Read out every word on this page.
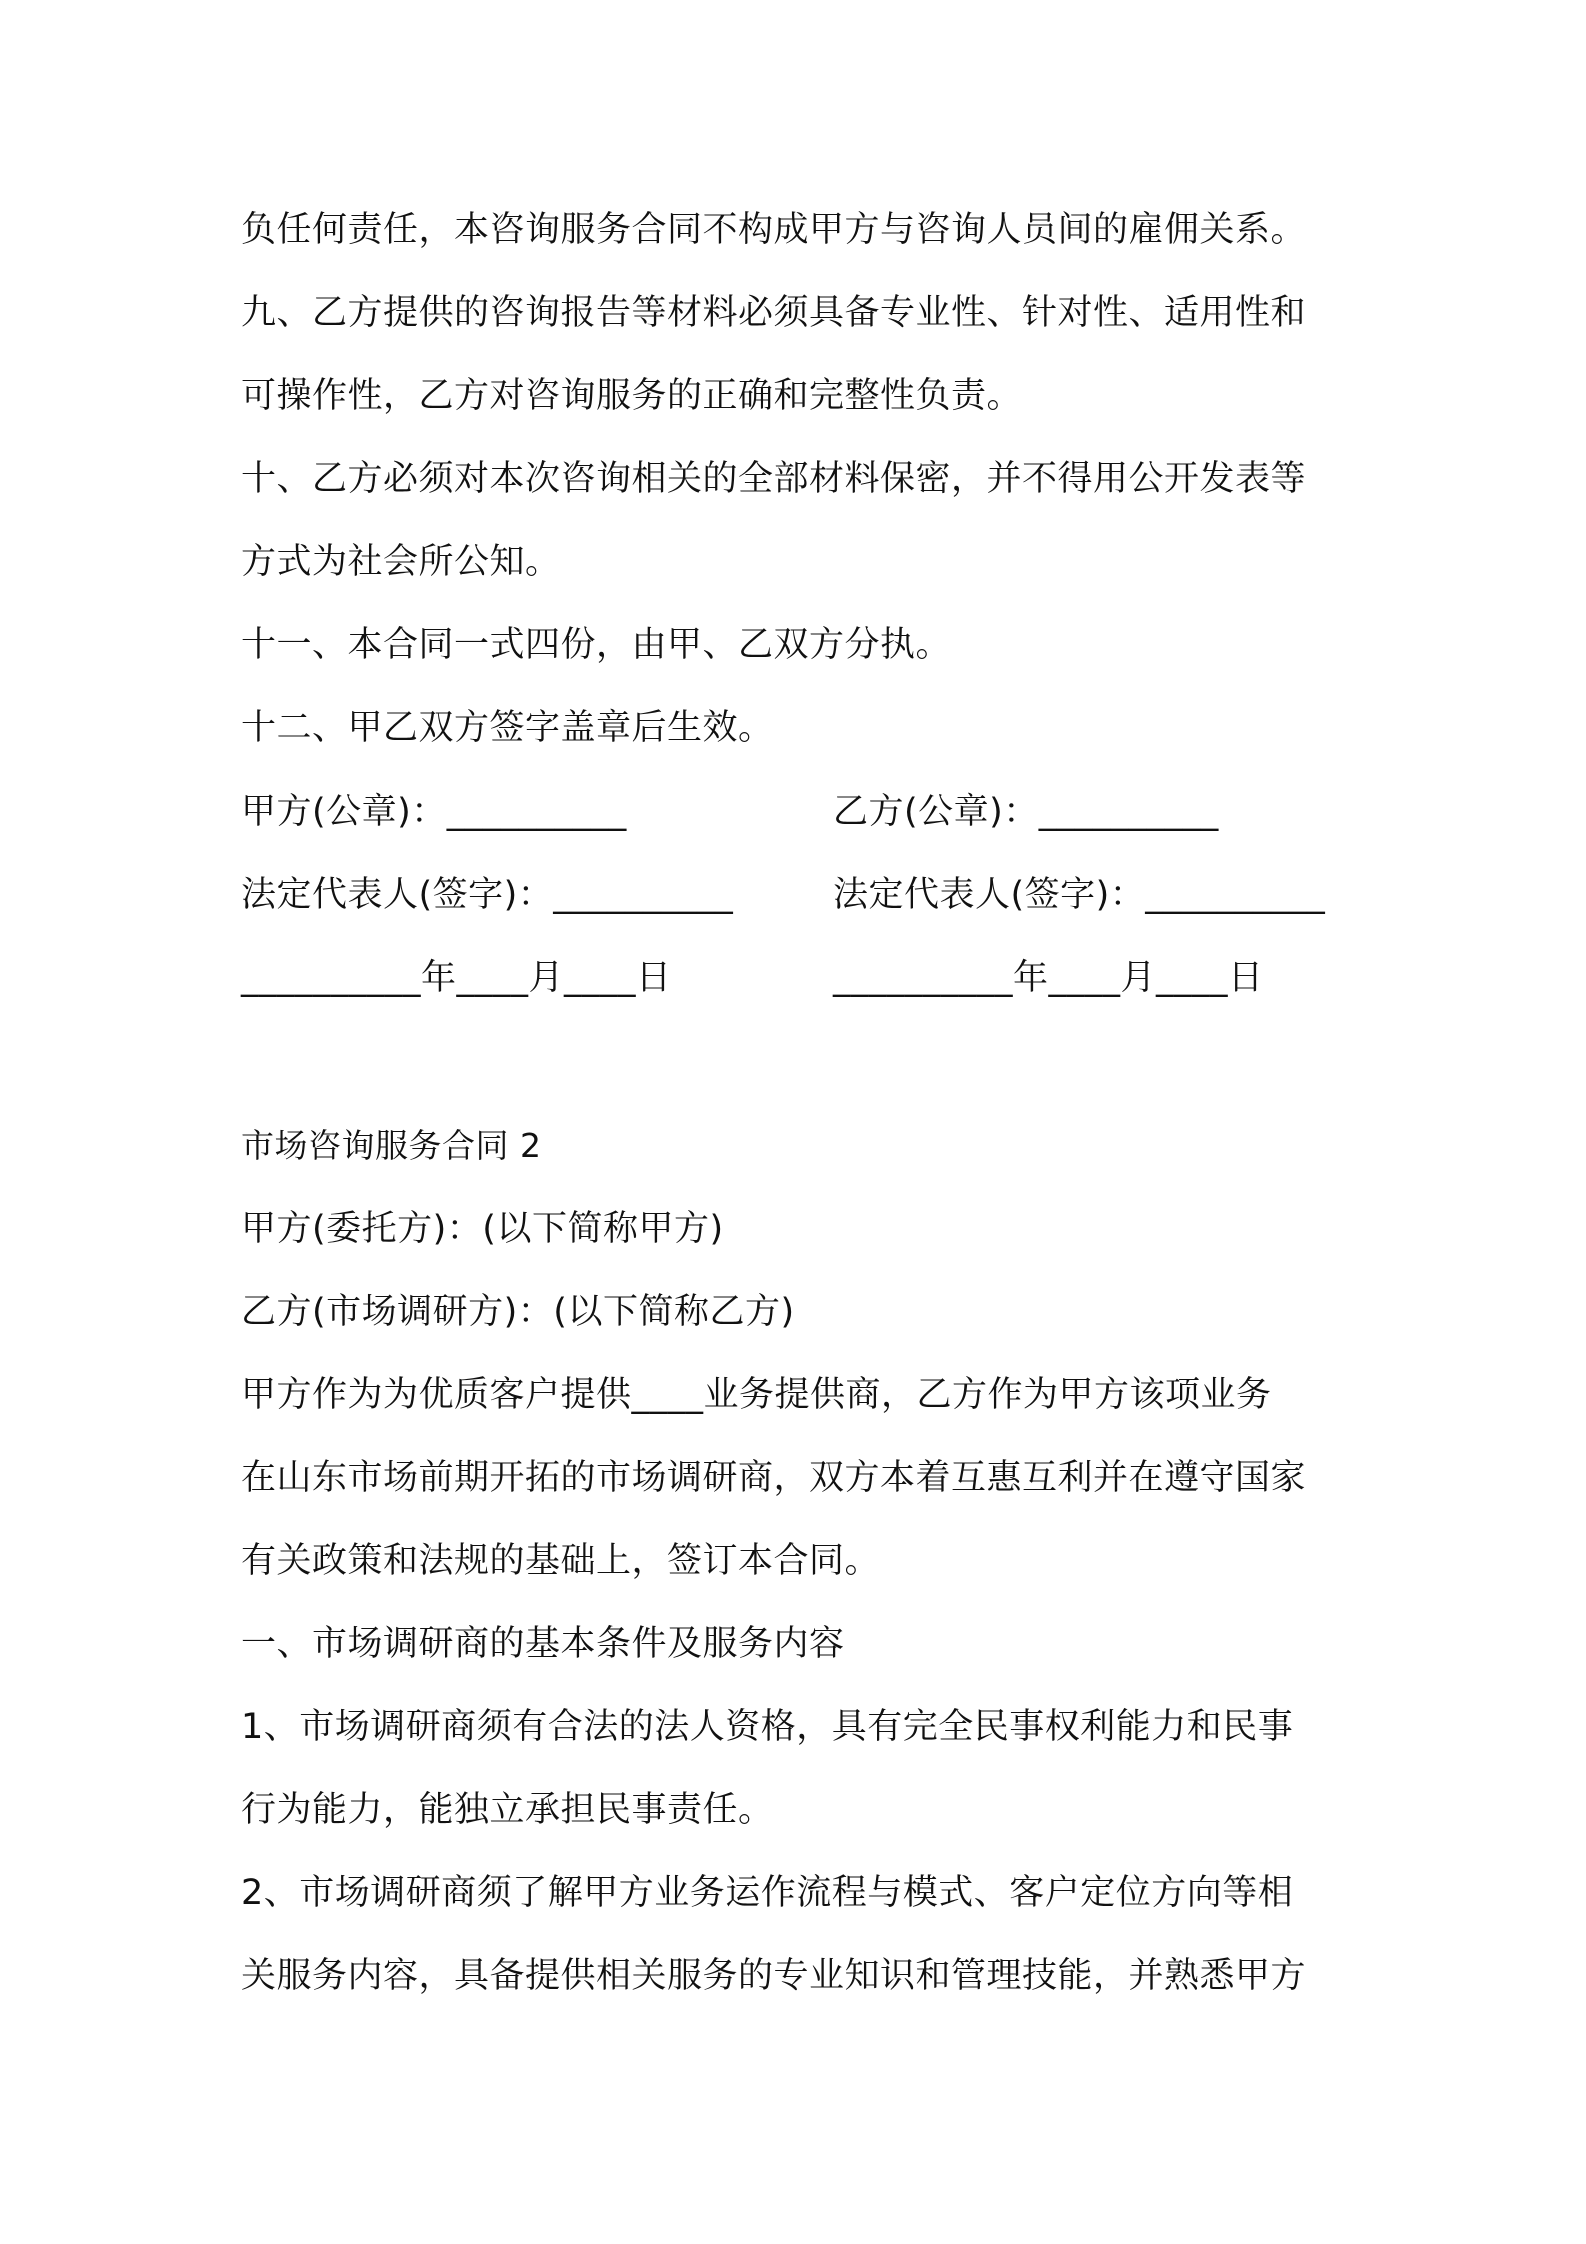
负任何责任，本咨询服务合同不构成甲方与咨询人员间的雇佣关系。
九、乙方提供的咨询报告等材料必须具备专业性、针对性、适用性和
可操作性，乙方对咨询服务的正确和完整性负责。
十、乙方必须对本次咨询相关的全部材料保密，并不得用公开发表等
方式为社会所公知。
十一、本合同一式四份，由甲、乙双方分执。
十二、甲乙双方签字盖章后生效。
甲方(公章)：__________	乙方(公章)：__________
法定代表人(签字)：__________	法定代表人(签字)：__________
__________年____月____日	__________年____月____日
市场咨询服务合同 2
甲方(委托方)：(以下简称甲方)
乙方(市场调研方)：(以下简称乙方)
甲方作为为优质客户提供____业务提供商，乙方作为甲方该项业务
在山东市场前期开拓的市场调研商，双方本着互惠互利并在遵守国家
有关政策和法规的基础上，签订本合同。
一、市场调研商的基本条件及服务内容
1、市场调研商须有合法的法人资格，具有完全民事权利能力和民事
行为能力，能独立承担民事责任。
2、市场调研商须了解甲方业务运作流程与模式、客户定位方向等相
关服务内容，具备提供相关服务的专业知识和管理技能，并熟悉甲方
